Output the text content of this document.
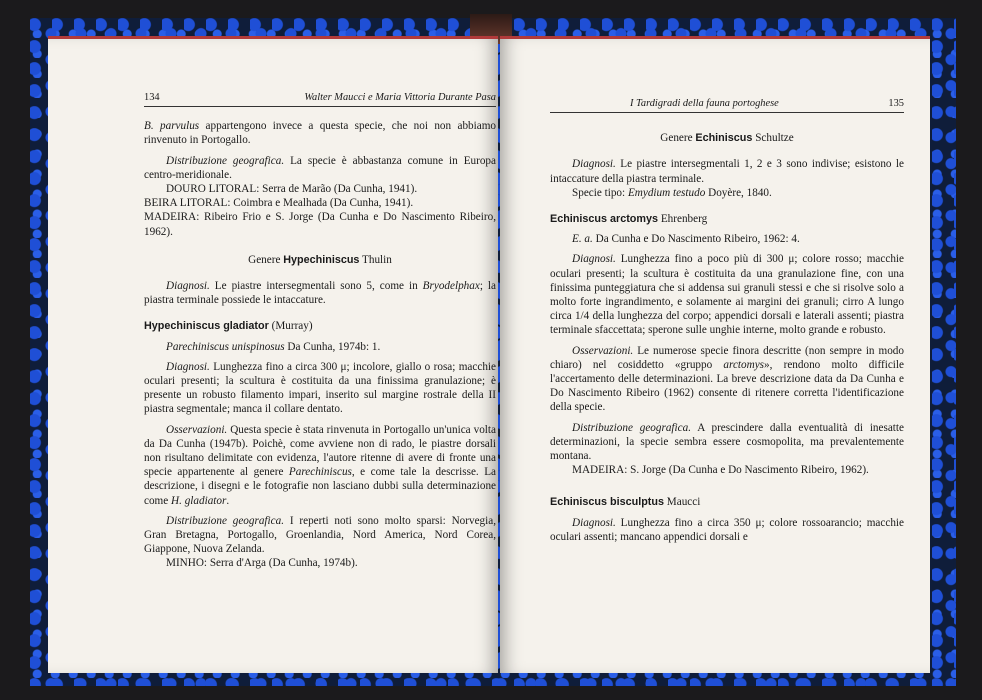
134	Walter Maucci e Maria Vittoria Durante Pasa

B. parvulus appartengono invece a questa specie, che noi non abbiamo rinvenuto in Portogallo.

Distribuzione geografica. La specie è abbastanza comune in Europa centro-meridionale.

DOURO LITORAL: Serra de Marão (Da Cunha, 1941).

BEIRA LITORAL: Coimbra e Mealhada (Da Cunha, 1941).

MADEIRA: Ribeiro Frio e S. Jorge (Da Cunha e Do Nascimento Ribeiro, 1962).

Genere Hypechiniscus Thulin

Diagnosi. Le piastre intersegmentali sono 5, come in Bryodelphax; la piastra terminale possiede le intaccature.

Hypechiniscus gladiator (Murray)

Parechiniscus unispinosus Da Cunha, 1974b: 1.

Diagnosi. Lunghezza fino a circa 300 μ; incolore, giallo o rosa; macchie oculari presenti; la scultura è costituita da una finissima granulazione; è presente un robusto filamento impari, inserito sul margine rostrale della II piastra segmentale; manca il collare dentato.

Osservazioni. Questa specie è stata rinvenuta in Portogallo un'unica volta da Da Cunha (1947b). Poichè, come avviene non di rado, le piastre dorsali non risultano delimitate con evidenza, l'autore ritenne di avere di fronte una specie appartenente al genere Parechiniscus, e come tale la descrisse. La descrizione, i disegni e le fotografie non lasciano dubbi sulla determinazione come H. gladiator.

Distribuzione geografica. I reperti noti sono molto sparsi: Norvegia, Gran Bretagna, Portogallo, Groenlandia, Nord America, Nord Corea, Giappone, Nuova Zelanda.

MINHO: Serra d'Arga (Da Cunha, 1974b).

I Tardigradi della fauna portoghese	135

Genere Echiniscus Schultze

Diagnosi. Le piastre intersegmentali 1, 2 e 3 sono indivise; esistono le intaccature della piastra terminale.

Specie tipo: Emydium testudo Doyère, 1840.

Echiniscus arctomys Ehrenberg

E. a. Da Cunha e Do Nascimento Ribeiro, 1962: 4.

Diagnosi. Lunghezza fino a poco più di 300 μ; colore rosso; macchie oculari presenti; la scultura è costituita da una granulazione fine, con una finissima punteggiatura che si addensa sui granuli stessi e che si risolve solo a molto forte ingrandimento, e solamente ai margini dei granuli; cirro A lungo circa 1/4 della lunghezza del corpo; appendici dorsali e laterali assenti; piastra terminale sfaccettata; sperone sulle unghie interne, molto grande e robusto.

Osservazioni. Le numerose specie finora descritte (non sempre in modo chiaro) nel cosiddetto «gruppo arctomys», rendono molto difficile l'accertamento delle determinazioni. La breve descrizione data da Da Cunha e Do Nascimento Ribeiro (1962) consente di ritenere corretta l'identificazione della specie.

Distribuzione geografica. A prescindere dalla eventualità di inesatte determinazioni, la specie sembra essere cosmopolita, ma prevalentemente montana.

MADEIRA: S. Jorge (Da Cunha e Do Nascimento Ribeiro, 1962).

Echiniscus bisculptus Maucci

Diagnosi. Lunghezza fino a circa 350 μ; colore rossoarancio; macchie oculari assenti; mancano appendici dorsali e
